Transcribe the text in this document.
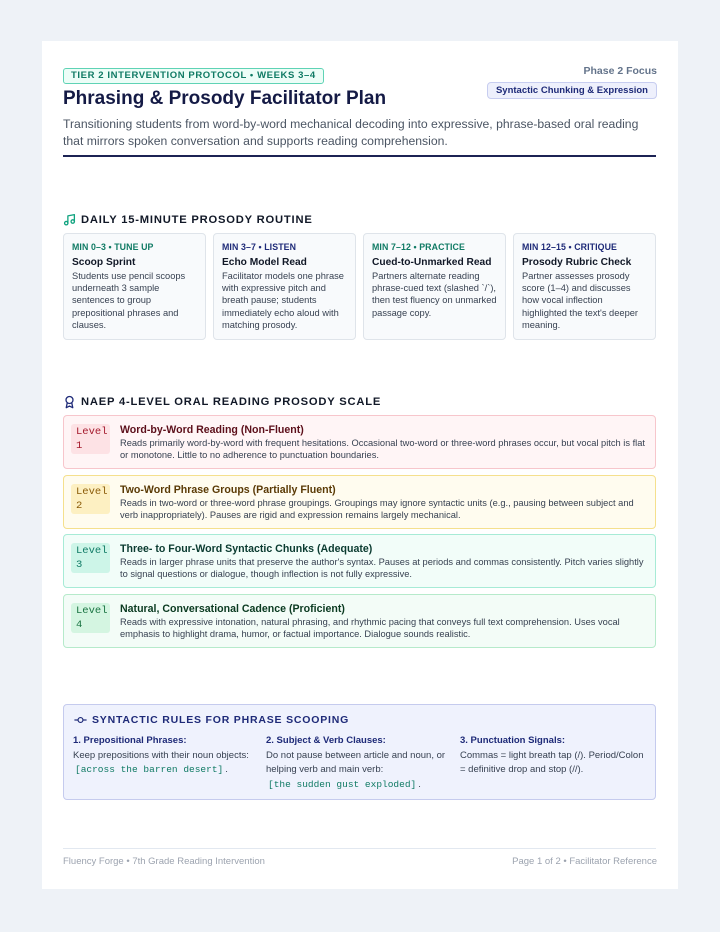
TIER 2 INTERVENTION PROTOCOL • WEEKS 3–4	Phase 2 Focus
Syntactic Chunking & Expression
Phrasing & Prosody Facilitator Plan
Transitioning students from word-by-word mechanical decoding into expressive, phrase-based oral reading that mirrors spoken conversation and supports reading comprehension.
DAILY 15-MINUTE PROSODY ROUTINE
MIN 0–3 • TUNE UP
Scoop Sprint
Students use pencil scoops underneath 3 sample sentences to group prepositional phrases and clauses.
MIN 3–7 • LISTEN
Echo Model Read
Facilitator models one phrase with expressive pitch and breath pause; students immediately echo aloud with matching prosody.
MIN 7–12 • PRACTICE
Cued-to-Unmarked Read
Partners alternate reading phrase-cued text (slashed `/`), then test fluency on unmarked passage copy.
MIN 12–15 • CRITIQUE
Prosody Rubric Check
Partner assesses prosody score (1–4) and discusses how vocal inflection highlighted the text's deeper meaning.
NAEP 4-LEVEL ORAL READING PROSODY SCALE
Level
1
Word-by-Word Reading (Non-Fluent)
Reads primarily word-by-word with frequent hesitations. Occasional two-word or three-word phrases occur, but vocal pitch is flat or monotone. Little to no adherence to punctuation boundaries.
Level
2
Two-Word Phrase Groups (Partially Fluent)
Reads in two-word or three-word phrase groupings. Groupings may ignore syntactic units (e.g., pausing between subject and verb inappropriately). Pauses are rigid and expression remains largely mechanical.
Level
3
Three- to Four-Word Syntactic Chunks (Adequate)
Reads in larger phrase units that preserve the author's syntax. Pauses at periods and commas consistently. Pitch varies slightly to signal questions or dialogue, though inflection is not fully expressive.
Level
4
Natural, Conversational Cadence (Proficient)
Reads with expressive intonation, natural phrasing, and rhythmic pacing that conveys full text comprehension. Uses vocal emphasis to highlight drama, humor, or factual importance. Dialogue sounds realistic.
SYNTACTIC RULES FOR PHRASE SCOOPING
1. Prepositional Phrases:
Keep prepositions with their noun objects:
[across the barren desert] .
2. Subject & Verb Clauses:
Do not pause between article and noun, or helping verb and main verb:
[the sudden gust exploded] .
3. Punctuation Signals:
Commas = light breath tap (/). Period/Colon = definitive drop and stop (//).
Fluency Forge • 7th Grade Reading Intervention	Page 1 of 2 • Facilitator Reference
